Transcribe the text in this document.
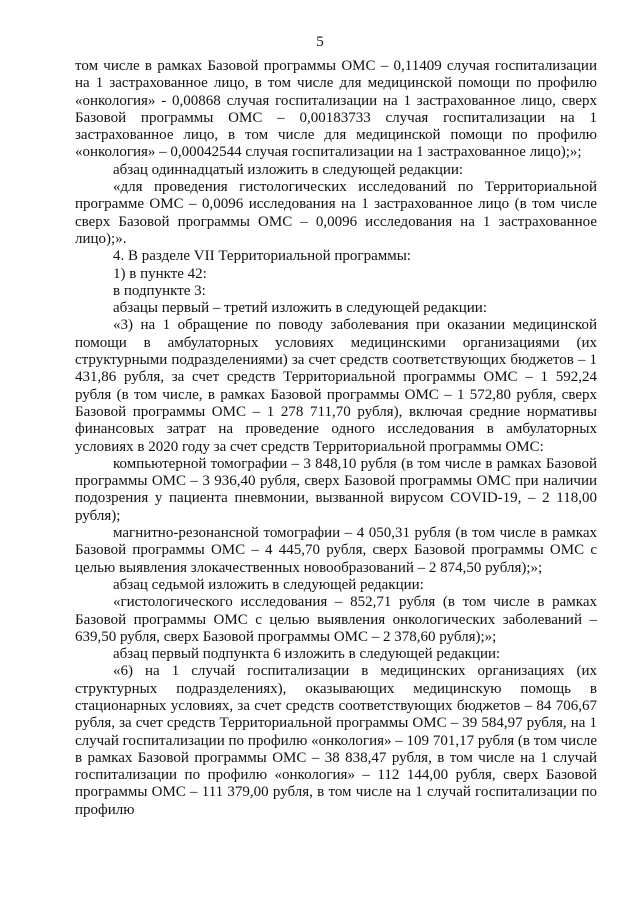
5

том числе в рамках Базовой программы ОМС – 0,11409 случая госпитализации на 1 застрахованное лицо, в том числе для медицинской помощи по профилю «онкология» - 0,00868 случая госпитализации на 1 застрахованное лицо, сверх Базовой программы ОМС – 0,00183733 случая госпитализации на 1 застрахованное лицо, в том числе для медицинской помощи по профилю «онкология» – 0,00042544 случая госпитализации на 1 застрахованное лицо);»;

абзац одиннадцатый изложить в следующей редакции:

«для проведения гистологических исследований по Территориальной программе ОМС – 0,0096 исследования на 1 застрахованное лицо (в том числе сверх Базовой программы ОМС – 0,0096 исследования на 1 застрахованное лицо);».

4. В разделе VII Территориальной программы:

1) в пункте 42:

в подпункте 3:

абзацы первый – третий изложить в следующей редакции:

«3) на 1 обращение по поводу заболевания при оказании медицинской помощи в амбулаторных условиях медицинскими организациями (их структурными подразделениями) за счет средств соответствующих бюджетов – 1 431,86 рубля, за счет средств Территориальной программы ОМС – 1 592,24 рубля (в том числе, в рамках Базовой программы ОМС – 1 572,80 рубля, сверх Базовой программы ОМС – 1 278 711,70 рубля), включая средние нормативы финансовых затрат на проведение одного исследования в амбулаторных условиях в 2020 году за счет средств Территориальной программы ОМС:

компьютерной томографии – 3 848,10 рубля (в том числе в рамках Базовой программы ОМС – 3 936,40 рубля, сверх Базовой программы ОМС при наличии подозрения у пациента пневмонии, вызванной вирусом COVID-19, – 2 118,00 рубля);

магнитно-резонансной томографии – 4 050,31 рубля (в том числе в рамках Базовой программы ОМС – 4 445,70 рубля, сверх Базовой программы ОМС с целью выявления злокачественных новообразований – 2 874,50 рубля);»;

абзац седьмой изложить в следующей редакции:

«гистологического исследования – 852,71 рубля (в том числе в рамках Базовой программы ОМС с целью выявления онкологических заболеваний – 639,50 рубля, сверх Базовой программы ОМС – 2 378,60 рубля);»;

абзац первый подпункта 6 изложить в следующей редакции:

«6) на 1 случай госпитализации в медицинских организациях (их структурных подразделениях), оказывающих медицинскую помощь в стационарных условиях, за счет средств соответствующих бюджетов – 84 706,67 рубля, за счет средств Территориальной программы ОМС – 39 584,97 рубля, на 1 случай госпитализации по профилю «онкология» – 109 701,17 рубля (в том числе в рамках Базовой программы ОМС – 38 838,47 рубля, в том числе на 1 случай госпитализации по профилю «онкология» – 112 144,00 рубля, сверх Базовой программы ОМС – 111 379,00 рубля, в том числе на 1 случай госпитализации по профилю
